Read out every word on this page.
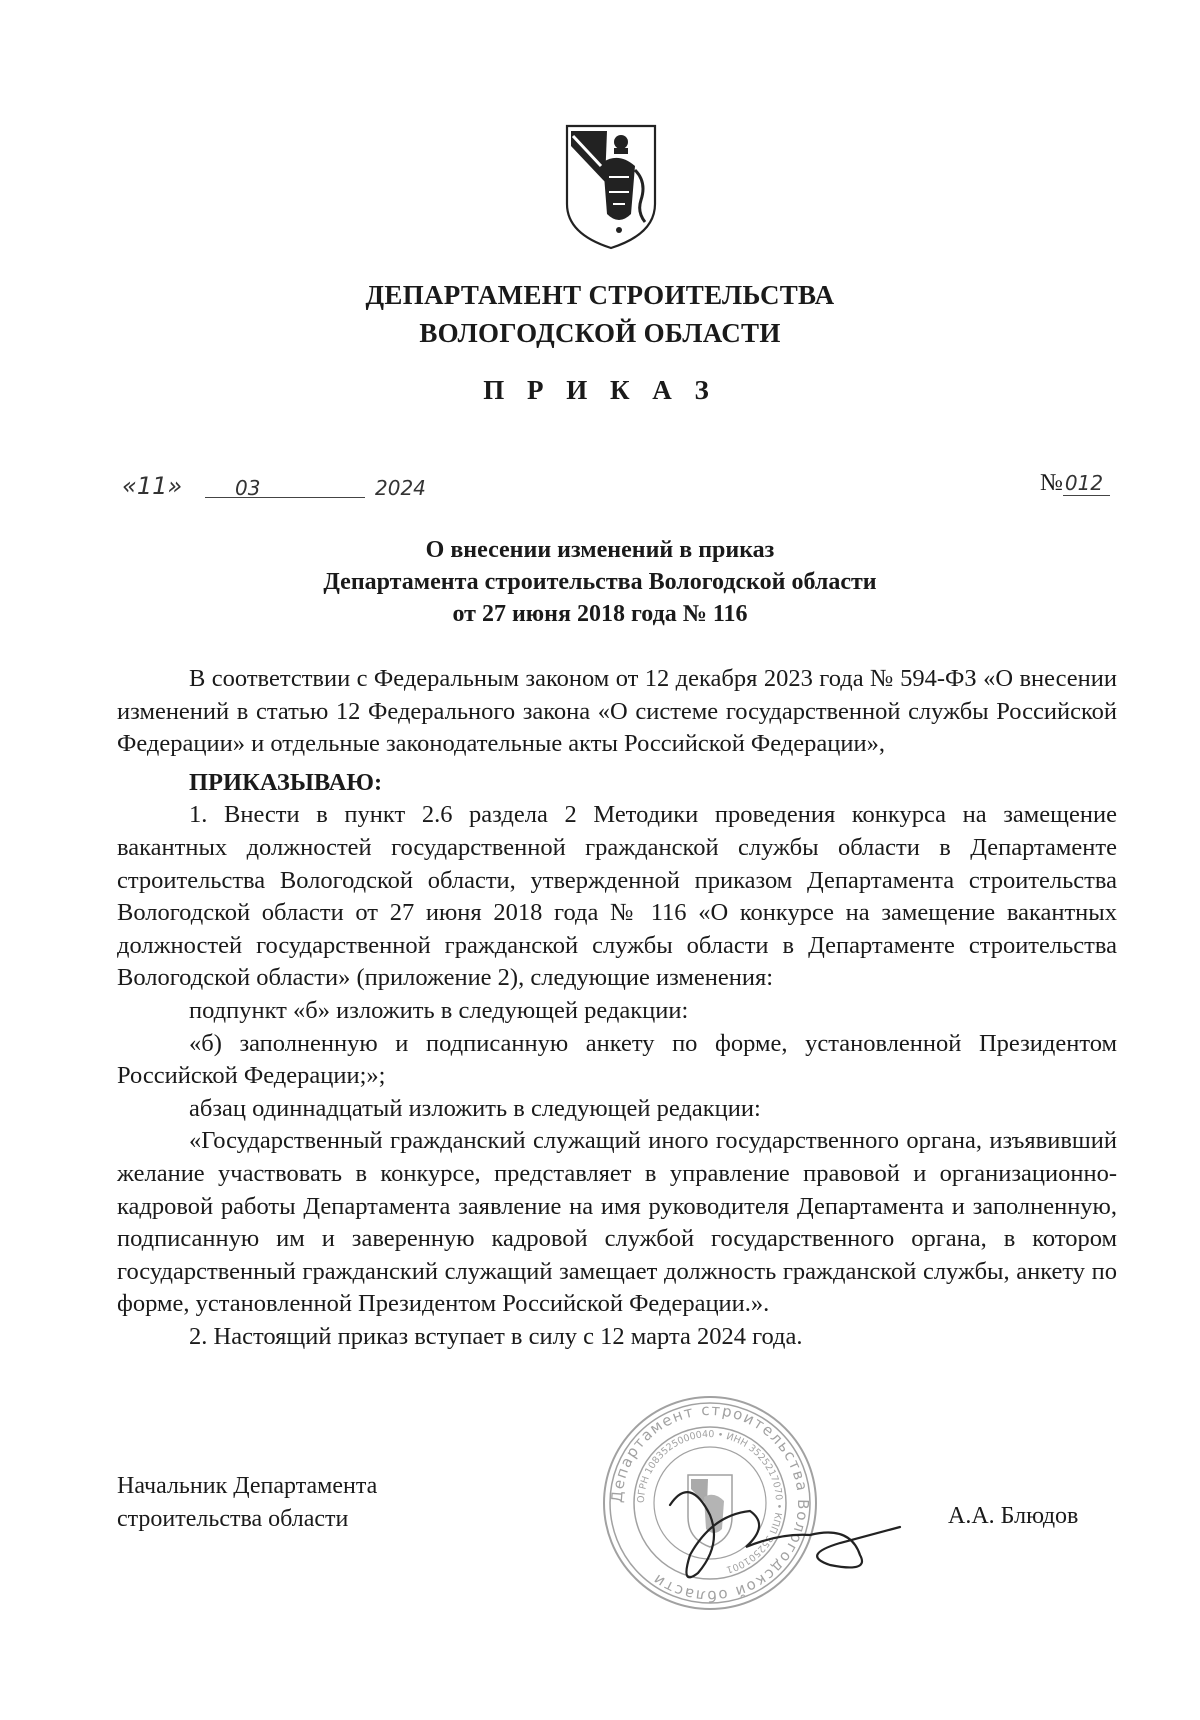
ДЕПАРТАМЕНТ СТРОИТЕЛЬСТВА
ВОЛОГОДСКОЙ ОБЛАСТИ
П Р И К А З
«11»	03	2024	№ 012
О внесении изменений в приказ
Департамента строительства Вологодской области
от 27 июня 2018 года № 116

В соответствии с Федеральным законом от 12 декабря 2023 года № 594-ФЗ «О внесении изменений в статью 12 Федерального закона «О системе государственной службы Российской Федерации» и отдельные законодательные акты Российской Федерации»,

ПРИКАЗЫВАЮ:

1. Внести в пункт 2.6 раздела 2 Методики проведения конкурса на замещение вакантных должностей государственной гражданской службы области в Департаменте строительства Вологодской области, утвержденной приказом Департамента строительства Вологодской области от 27 июня 2018 года № 116 «О конкурсе на замещение вакантных должностей государственной гражданской службы области в Департаменте строительства Вологодской области» (приложение 2), следующие изменения:

подпункт «б» изложить в следующей редакции:

«б) заполненную и подписанную анкету по форме, установленной Президентом Российской Федерации;»;

абзац одиннадцатый изложить в следующей редакции:

«Государственный гражданский служащий иного государственного органа, изъявивший желание участвовать в конкурсе, представляет в управление правовой и организационно-кадровой работы Департамента заявление на имя руководителя Департамента и заполненную, подписанную им и заверенную кадровой службой государственного органа, в котором государственный гражданский служащий замещает должность гражданской службы, анкету по форме, установленной Президентом Российской Федерации.».

2. Настоящий приказ вступает в силу с 12 марта 2024 года.

Департамент строительства Вологодской области
ОГРН 1083525000040 • ИНН 3525217070 • КПП 352501001
Начальник Департамента
строительства области	А.А. Блюдов
